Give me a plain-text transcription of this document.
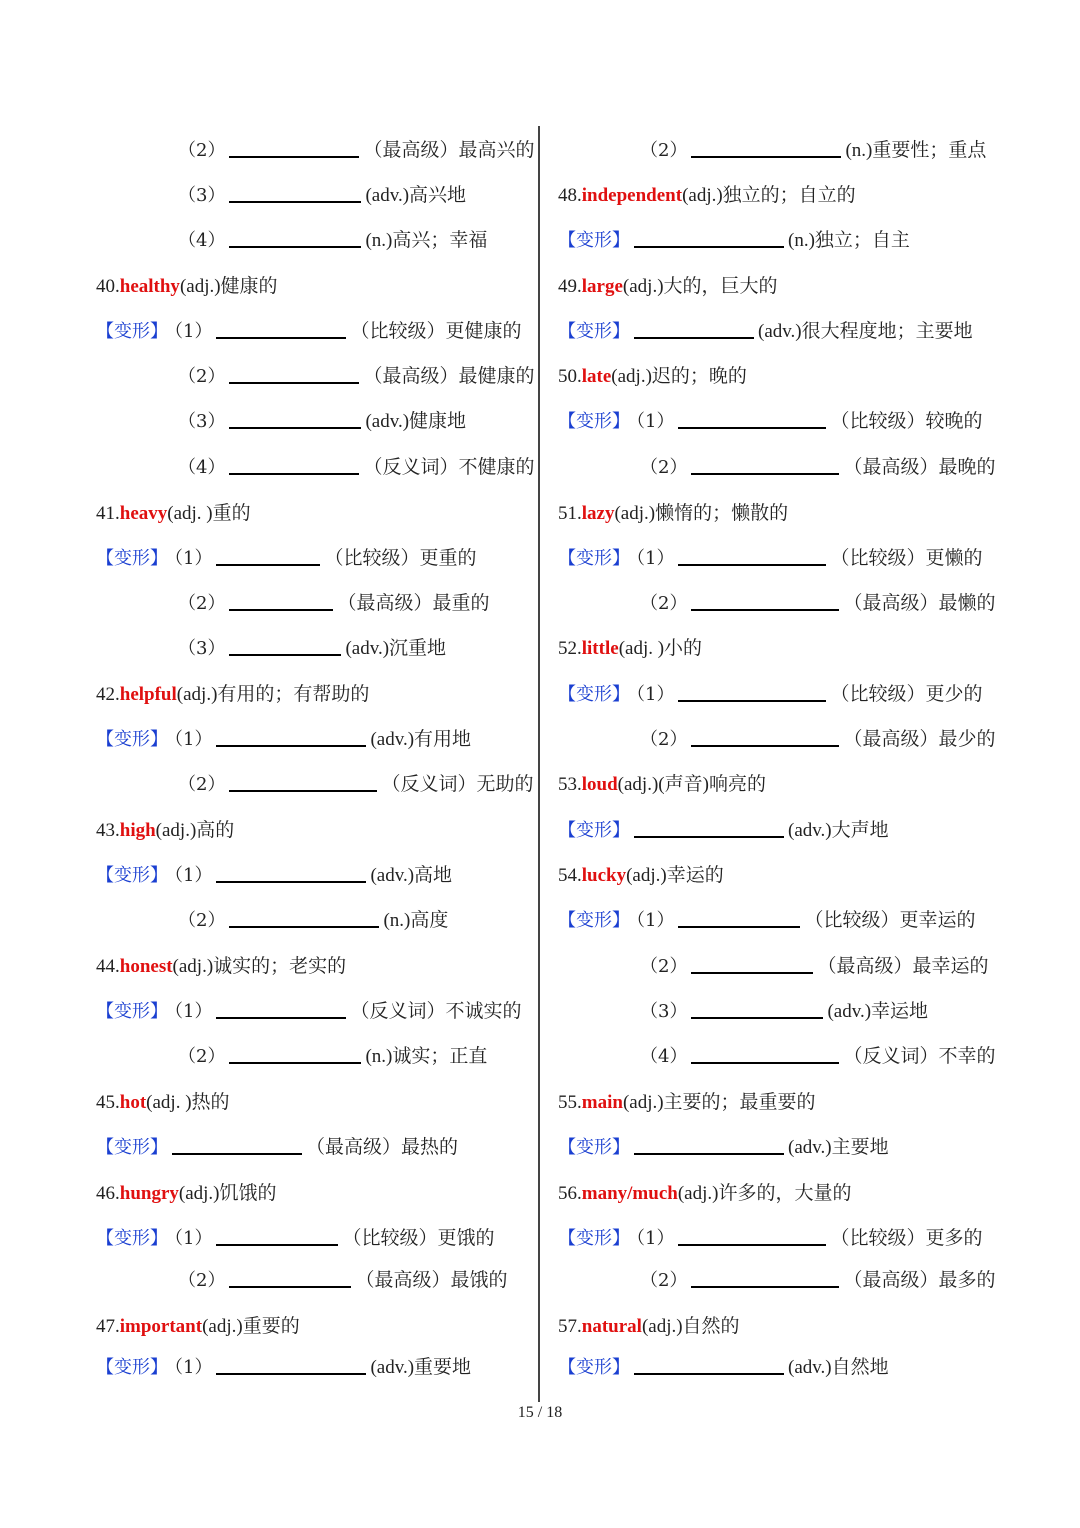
（2）	（最高级）最高兴的
（3）	(adv.)高兴地
（4）	(n.)高兴；幸福
40.healthy(adj.)健康的
【变形】 （1）	（比较级）更健康的
（2）	（最高级）最健康的
（3）	(adv.)健康地
（4）	（反义词）不健康的
41.heavy(adj. )重的
【变形】 （1）	（比较级）更重的
（2）	（最高级）最重的
（3）	(adv.)沉重地
42.helpful(adj.)有用的；有帮助的
【变形】 （1）	(adv.)有用地
（2）	（反义词）无助的
43.high(adj.)高的
【变形】 （1）	(adv.)高地
（2）	(n.)高度
44.honest(adj.)诚实的；老实的
【变形】 （1）	（反义词）不诚实的
（2）	(n.)诚实；正直
45.hot(adj. )热的
【变形】	（最高级）最热的
46.hungry(adj.)饥饿的
【变形】 （1）	（比较级）更饿的
（2）	（最高级）最饿的
47.important(adj.)重要的
【变形】 （1）	(adv.)重要地
（2）	(n.)重要性；重点
48.independent(adj.)独立的；自立的
【变形】	(n.)独立；自主
49.large(adj.)大的，巨大的
【变形】	(adv.)很大程度地；主要地
50.late(adj.)迟的；晚的
【变形】 （1）	（比较级）较晚的
（2）	（最高级）最晚的
51.lazy(adj.)懒惰的；懒散的
【变形】 （1）	（比较级）更懒的
（2）	（最高级）最懒的
52.little(adj. )小的
【变形】 （1）	（比较级）更少的
（2）	（最高级）最少的
53.loud(adj.)(声音)响亮的
【变形】	(adv.)大声地
54.lucky(adj.)幸运的
【变形】 （1）	（比较级）更幸运的
（2）	（最高级）最幸运的
（3）	(adv.)幸运地
（4）	（反义词）不幸的
55.main(adj.)主要的；最重要的
【变形】	(adv.)主要地
56.many/much(adj.)许多的，大量的
【变形】 （1）	（比较级）更多的
（2）	（最高级）最多的
57.natural(adj.)自然的
【变形】	(adv.)自然地
15 / 18
